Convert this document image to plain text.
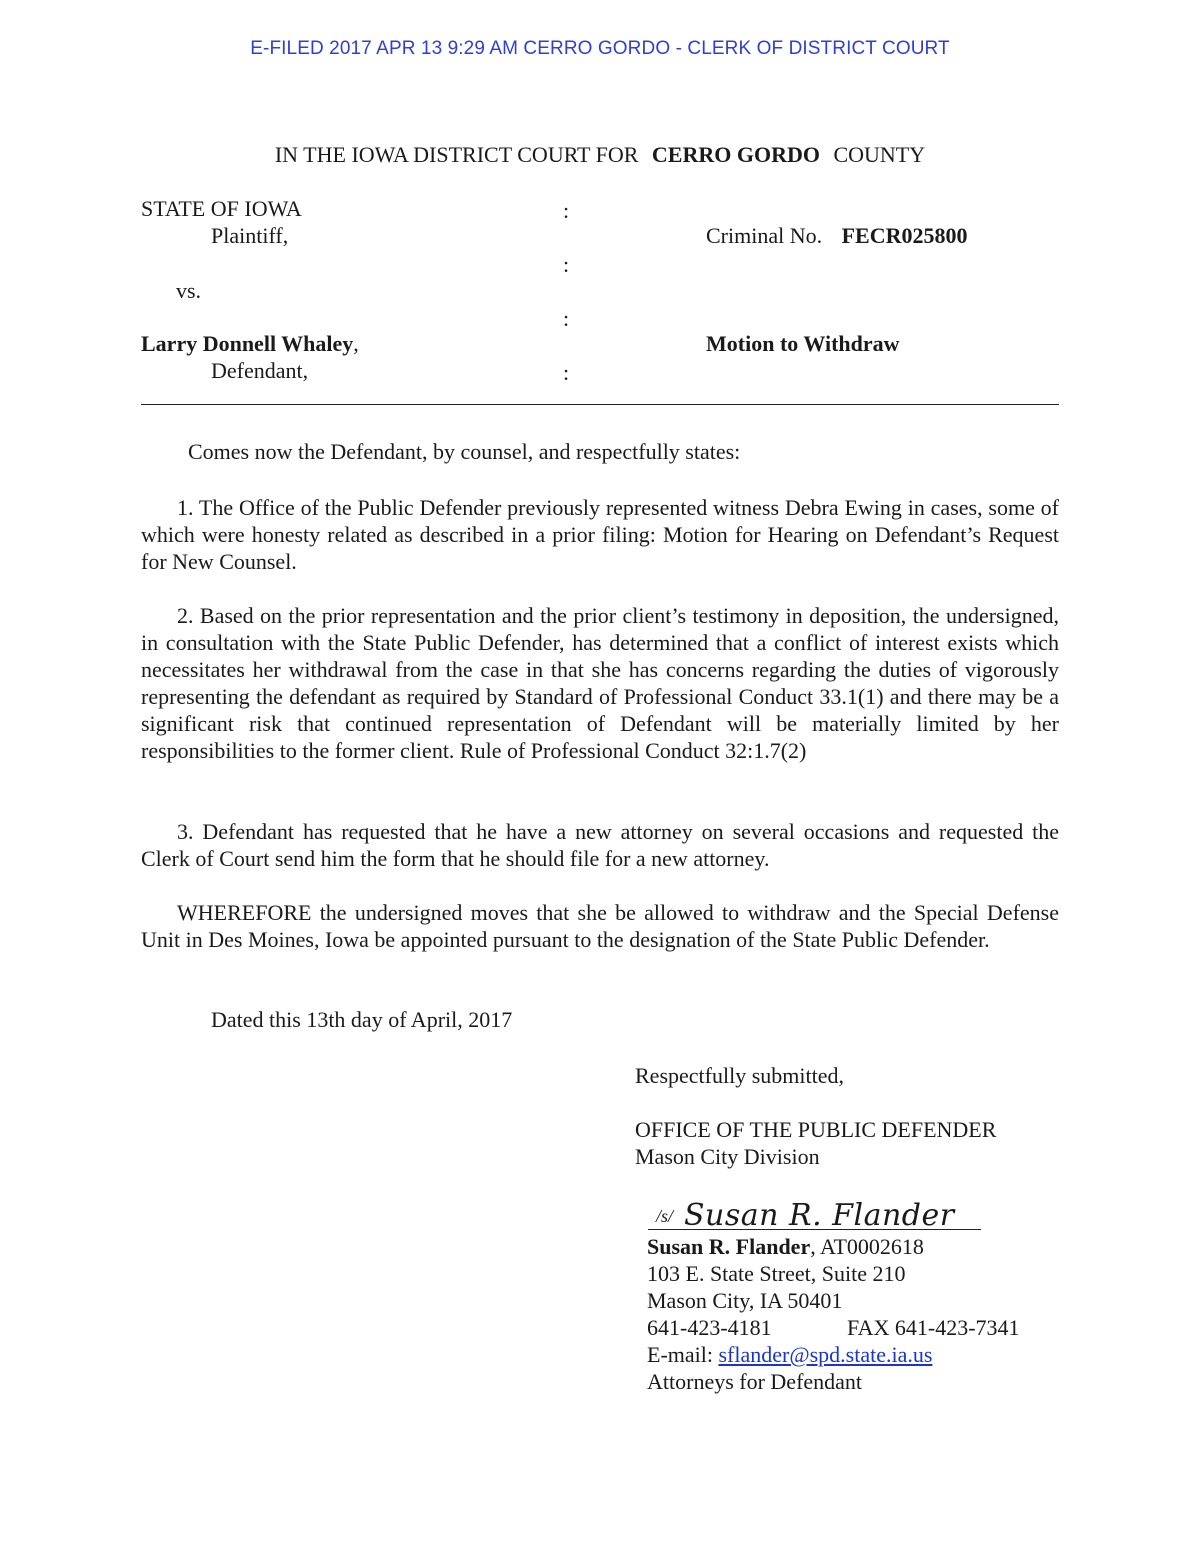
E-FILED 2017 APR 13 9:29 AM CERRO GORDO - CLERK OF DISTRICT COURT
IN THE IOWA DISTRICT COURT FOR CERRO GORDO COUNTY
STATE OF IOWA
Plaintiff,
vs.
Larry Donnell Whaley,
Defendant,
:
:
:
:
Criminal No. FECR025800
Motion to Withdraw
Comes now the Defendant, by counsel, and respectfully states:
1. The Office of the Public Defender previously represented witness Debra Ewing in cases, some of which were honesty related as described in a prior filing: Motion for Hearing on Defendant’s Request for New Counsel.
2. Based on the prior representation and the prior client’s testimony in deposition, the undersigned, in consultation with the State Public Defender, has determined that a conflict of interest exists which necessitates her withdrawal from the case in that she has concerns regarding the duties of vigorously representing the defendant as required by Standard of Professional Conduct 33.1(1) and there may be a significant risk that continued representation of Defendant will be materially limited by her responsibilities to the former client. Rule of Professional Conduct 32:1.7(2)
3. Defendant has requested that he have a new attorney on several occasions and requested the Clerk of Court send him the form that he should file for a new attorney.
WHEREFORE the undersigned moves that she be allowed to withdraw and the Special Defense Unit in Des Moines, Iowa be appointed pursuant to the designation of the State Public Defender.
Dated this 13th day of April, 2017
Respectfully submitted,
OFFICE OF THE PUBLIC DEFENDER
Mason City Division
/s/ Susan R. Flander
Susan R. Flander, AT0002618
103 E. State Street, Suite 210
Mason City, IA 50401
641-423-4181	FAX 641-423-7341
E-mail: sflander@spd.state.ia.us
Attorneys for Defendant
